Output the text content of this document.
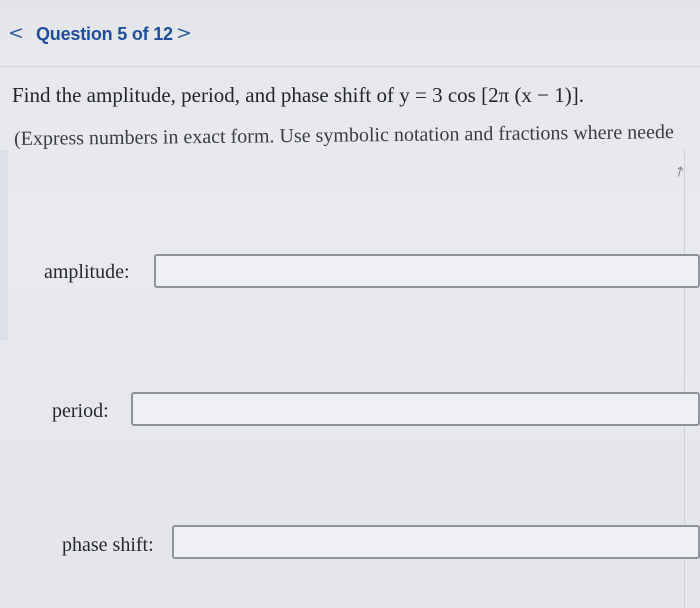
< Question 5 of 12 >
↗
Find the amplitude, period, and phase shift of y = 3 cos [2π (x − 1)].
(Express numbers in exact form. Use symbolic notation and fractions where neede
amplitude:
period:
phase shift:
